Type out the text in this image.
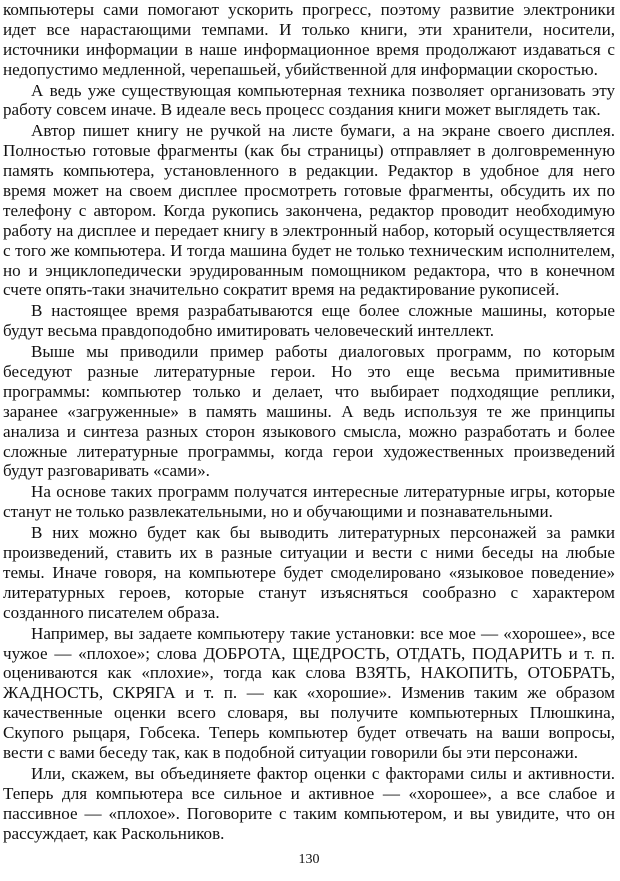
компьютеры сами помогают ускорить прогресс, поэтому развитие электроники идет все нарастающими темпами. И только книги, эти хранители, носители, источники информации в наше информационное время продолжают издаваться с недопустимо медленной, черепашьей, убийственной для информации скоростью.

А ведь уже существующая компьютерная техника позволяет организовать эту работу совсем иначе. В идеале весь процесс создания книги может выглядеть так.

Автор пишет книгу не ручкой на листе бумаги, а на экране своего дисплея. Полностью готовые фрагменты (как бы страницы) отправляет в долговременную память компьютера, установленного в редакции. Редактор в удобное для него время может на своем дисплее просмотреть готовые фрагменты, обсудить их по телефону с автором. Когда рукопись закончена, редактор проводит необходимую работу на дисплее и передает книгу в электронный набор, который осуществляется с того же компьютера. И тогда машина будет не только техническим исполнителем, но и энциклопедически эрудированным помощником редактора, что в конечном счете опять-таки значительно сократит время на редактирование рукописей.

В настоящее время разрабатываются еще более сложные машины, которые будут весьма правдоподобно имитировать человеческий интеллект.

Выше мы приводили пример работы диалоговых программ, по которым беседуют разные литературные герои. Но это еще весьма примитивные программы: компьютер только и делает, что выбирает подходящие реплики, заранее «загруженные» в память машины. А ведь используя те же принципы анализа и синтеза разных сторон языкового смысла, можно разработать и более сложные литературные программы, когда герои художественных произведений будут разговаривать «сами».

На основе таких программ получатся интересные литературные игры, которые станут не только развлекательными, но и обучающими и познавательными.

В них можно будет как бы выводить литературных персонажей за рамки произведений, ставить их в разные ситуации и вести с ними беседы на любые темы. Иначе говоря, на компьютере будет смоделировано «языковое поведение» литературных героев, которые станут изъясняться сообразно с характером созданного писателем образа.

Например, вы задаете компьютеру такие установки: все мое — «хорошее», все чужое — «плохое»; слова ДОБРОТА, ЩЕДРОСТЬ, ОТДАТЬ, ПОДАРИТЬ и т. п. оцениваются как «плохие», тогда как слова ВЗЯТЬ, НАКОПИТЬ, ОТОБРАТЬ, ЖАДНОСТЬ, СКРЯГА и т. п. — как «хорошие». Изменив таким же образом качественные оценки всего словаря, вы получите компьютерных Плюшкина, Скупого рыцаря, Гобсека. Теперь компьютер будет отвечать на ваши вопросы, вести с вами беседу так, как в подобной ситуации говорили бы эти персонажи.

Или, скажем, вы объединяете фактор оценки с факторами силы и активности. Теперь для компьютера все сильное и активное — «хорошее», а все слабое и пассивное — «плохое». Поговорите с таким компьютером, и вы увидите, что он рассуждает, как Раскольников.

130
